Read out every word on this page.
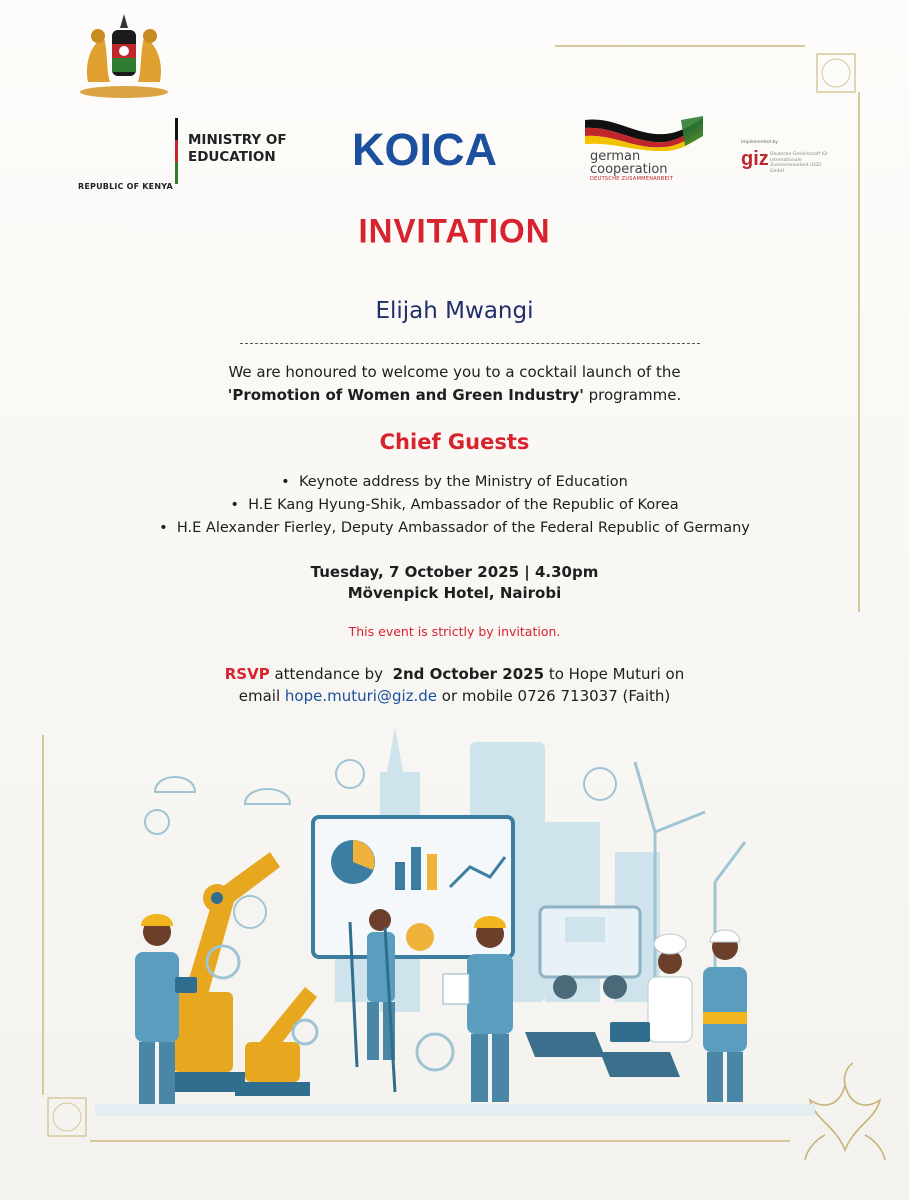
REPUBLIC OF KENYA
MINISTRY OF
EDUCATION KOICA	german
cooperation
DEUTSCHE ZUSAMMENARBEIT
Implemented by
giz Deutsche Gesellschaft für Internationale Zusammenarbeit (GIZ) GmbH
INVITATION
Elijah Mwangi
We are honoured to welcome you to a cocktail launch of the
'Promotion of Women and Green Industry' programme.
Chief Guests
•  Keynote address by the Ministry of Education
•  H.E Kang Hyung-Shik, Ambassador of the Republic of Korea
•  H.E Alexander Fierley, Deputy Ambassador of the Federal Republic of Germany
Tuesday, 7 October 2025 | 4.30pm
Mövenpick Hotel, Nairobi
This event is strictly by invitation.
RSVP attendance by  2nd October 2025 to Hope Muturi on
email hope.muturi@giz.de or mobile 0726 713037 (Faith)
